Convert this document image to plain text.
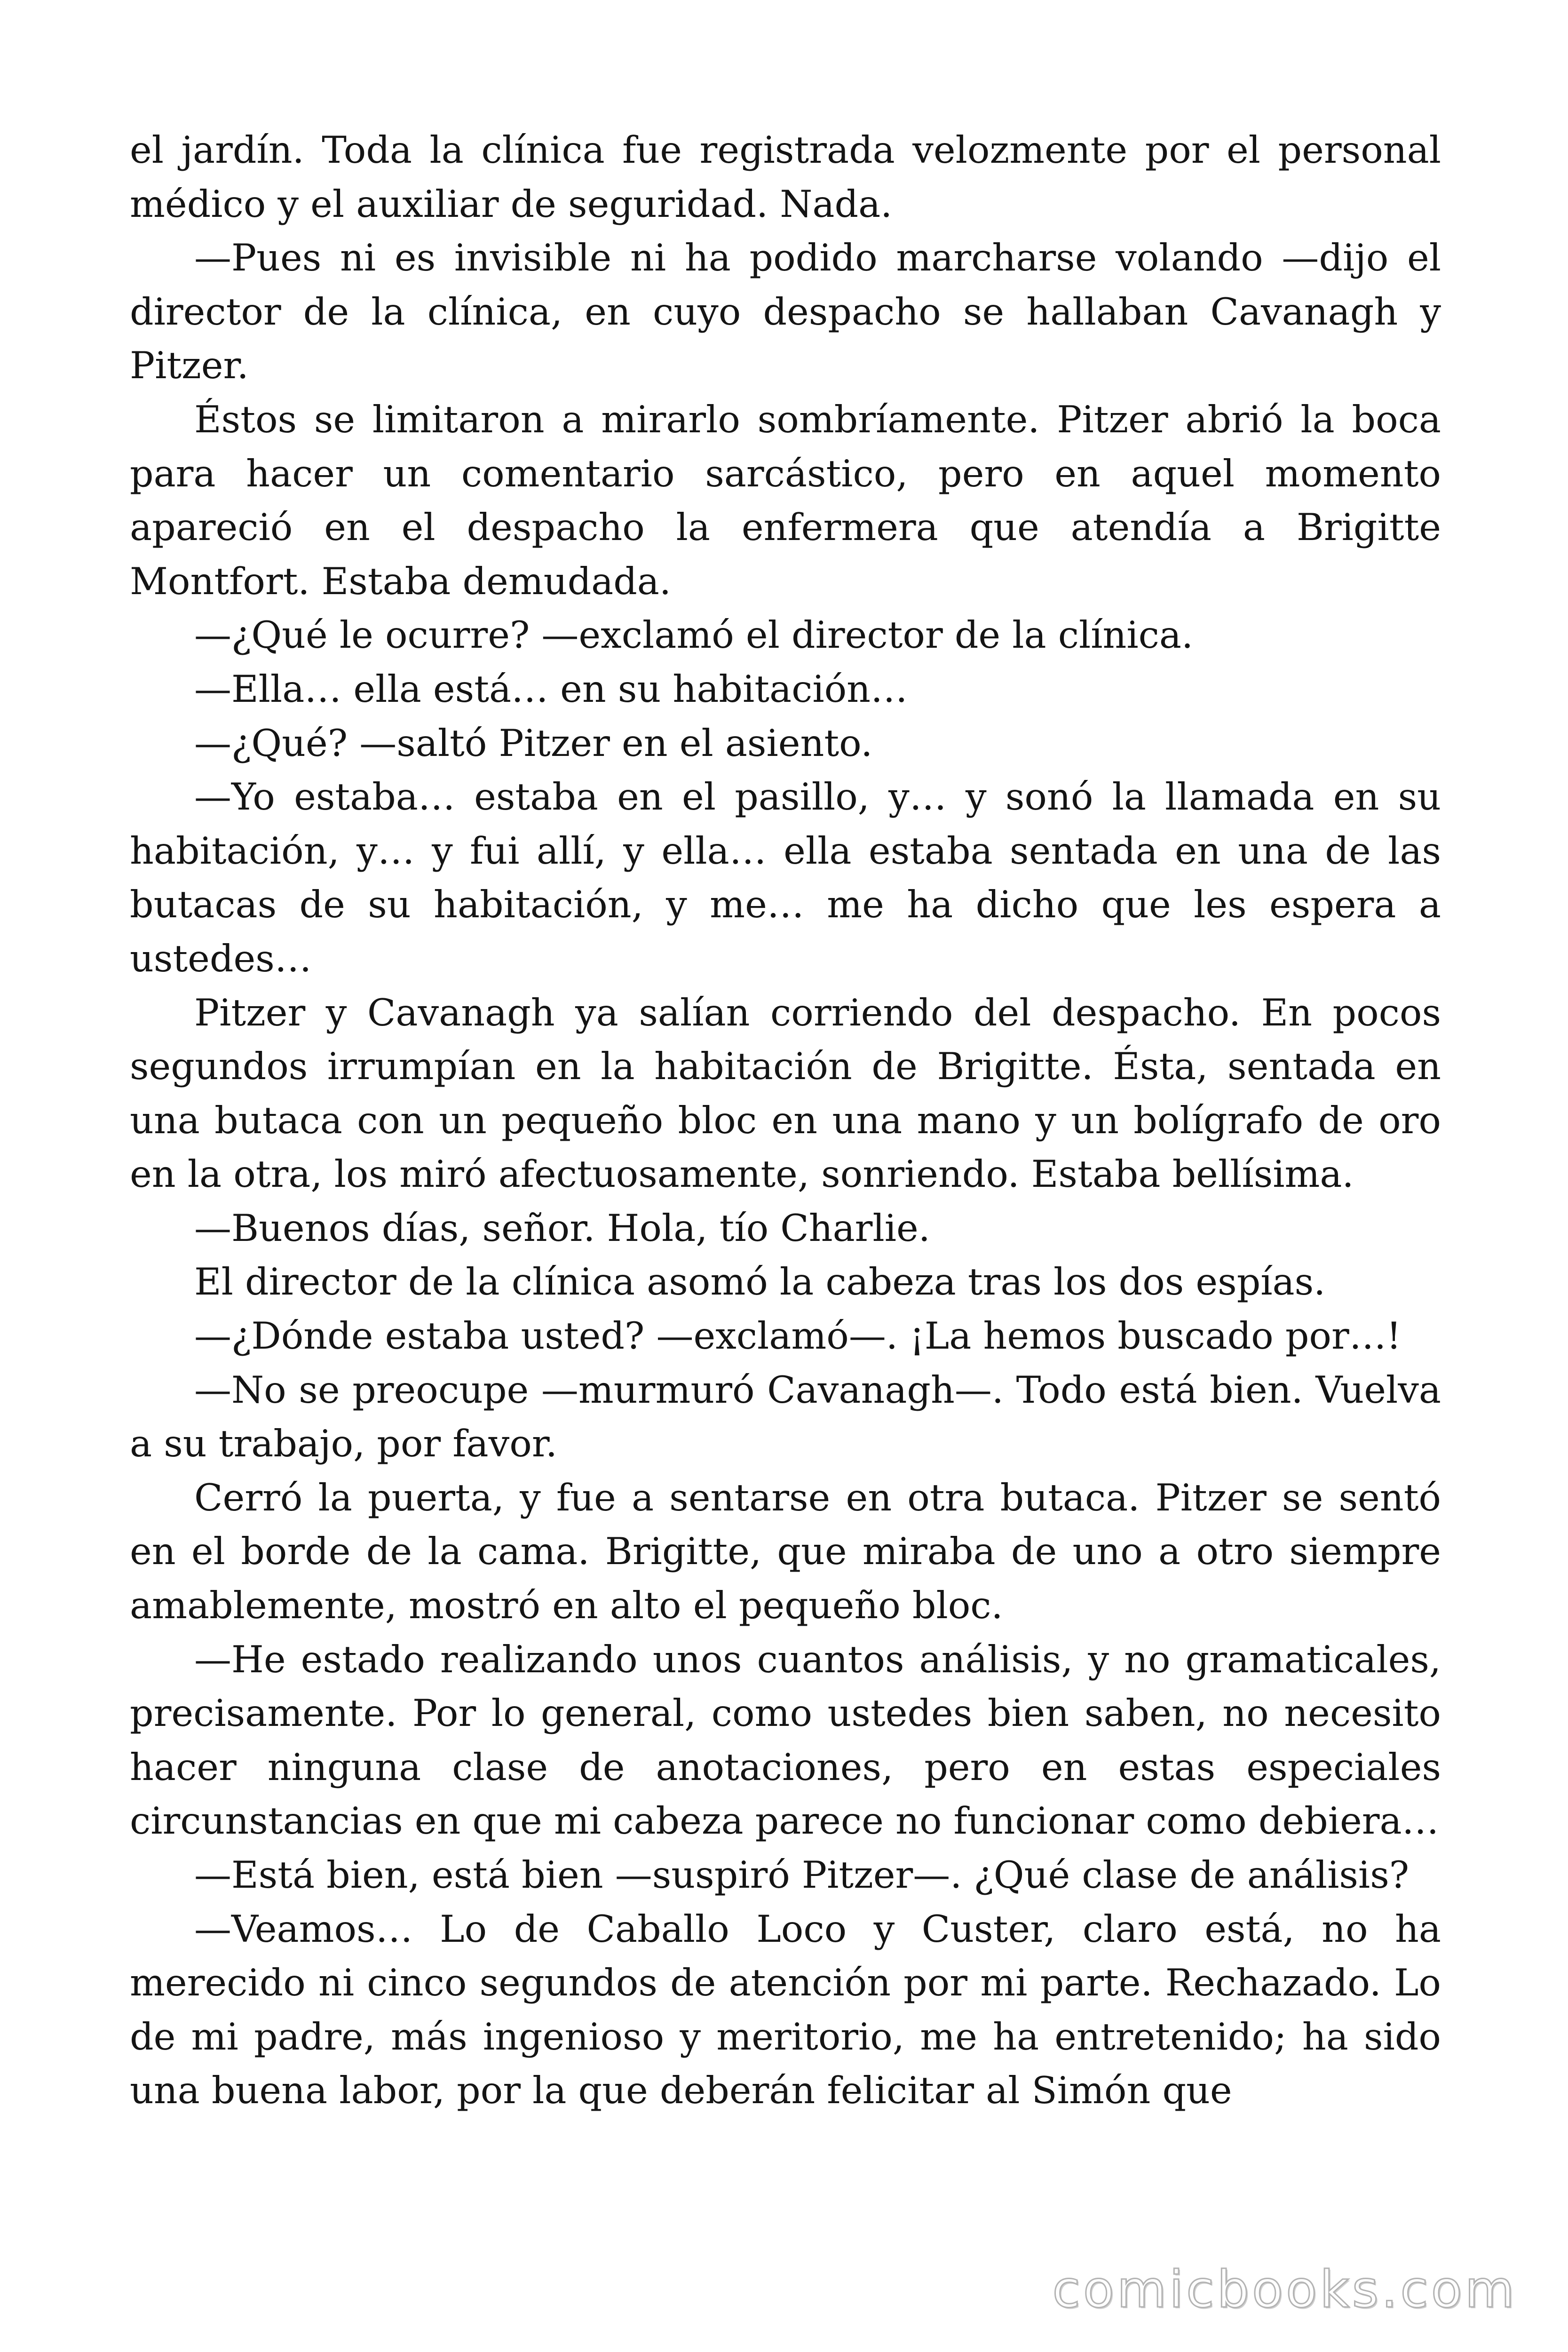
el jardín. Toda la clínica fue registrada velozmente por el personal médico y el auxiliar de seguridad. Nada.

—Pues ni es invisible ni ha podido marcharse volando —dijo el director de la clínica, en cuyo despacho se hallaban Cavanagh y Pitzer.

Éstos se limitaron a mirarlo sombríamente. Pitzer abrió la boca para hacer un comentario sarcástico, pero en aquel momento apareció en el despacho la enfermera que atendía a Brigitte Montfort. Estaba demudada.

—¿Qué le ocurre? —exclamó el director de la clínica.

—Ella… ella está… en su habitación…

—¿Qué? —saltó Pitzer en el asiento.

—Yo estaba… estaba en el pasillo, y… y sonó la llamada en su habitación, y… y fui allí, y ella… ella estaba sentada en una de las butacas de su habitación, y me… me ha dicho que les espera a ustedes…

Pitzer y Cavanagh ya salían corriendo del despacho. En pocos segundos irrumpían en la habitación de Brigitte. Ésta, sentada en una butaca con un pequeño bloc en una mano y un bolígrafo de oro en la otra, los miró afectuosamente, sonriendo. Estaba bellísima.

—Buenos días, señor. Hola, tío Charlie.

El director de la clínica asomó la cabeza tras los dos espías.

—¿Dónde estaba usted? —exclamó—. ¡La hemos buscado por…!

—No se preocupe —murmuró Cavanagh—. Todo está bien. Vuelva a su trabajo, por favor.

Cerró la puerta, y fue a sentarse en otra butaca. Pitzer se sentó en el borde de la cama. Brigitte, que miraba de uno a otro siempre amablemente, mostró en alto el pequeño bloc.

—He estado realizando unos cuantos análisis, y no gramaticales, precisamente. Por lo general, como ustedes bien saben, no necesito hacer ninguna clase de anotaciones, pero en estas especiales circunstancias en que mi cabeza parece no funcionar como debiera…

—Está bien, está bien —suspiró Pitzer—. ¿Qué clase de análisis?

—Veamos… Lo de Caballo Loco y Custer, claro está, no ha merecido ni cinco segundos de atención por mi parte. Rechazado. Lo de mi padre, más ingenioso y meritorio, me ha entretenido; ha sido una buena labor, por la que deberán felicitar al Simón que

comicbooks.com
